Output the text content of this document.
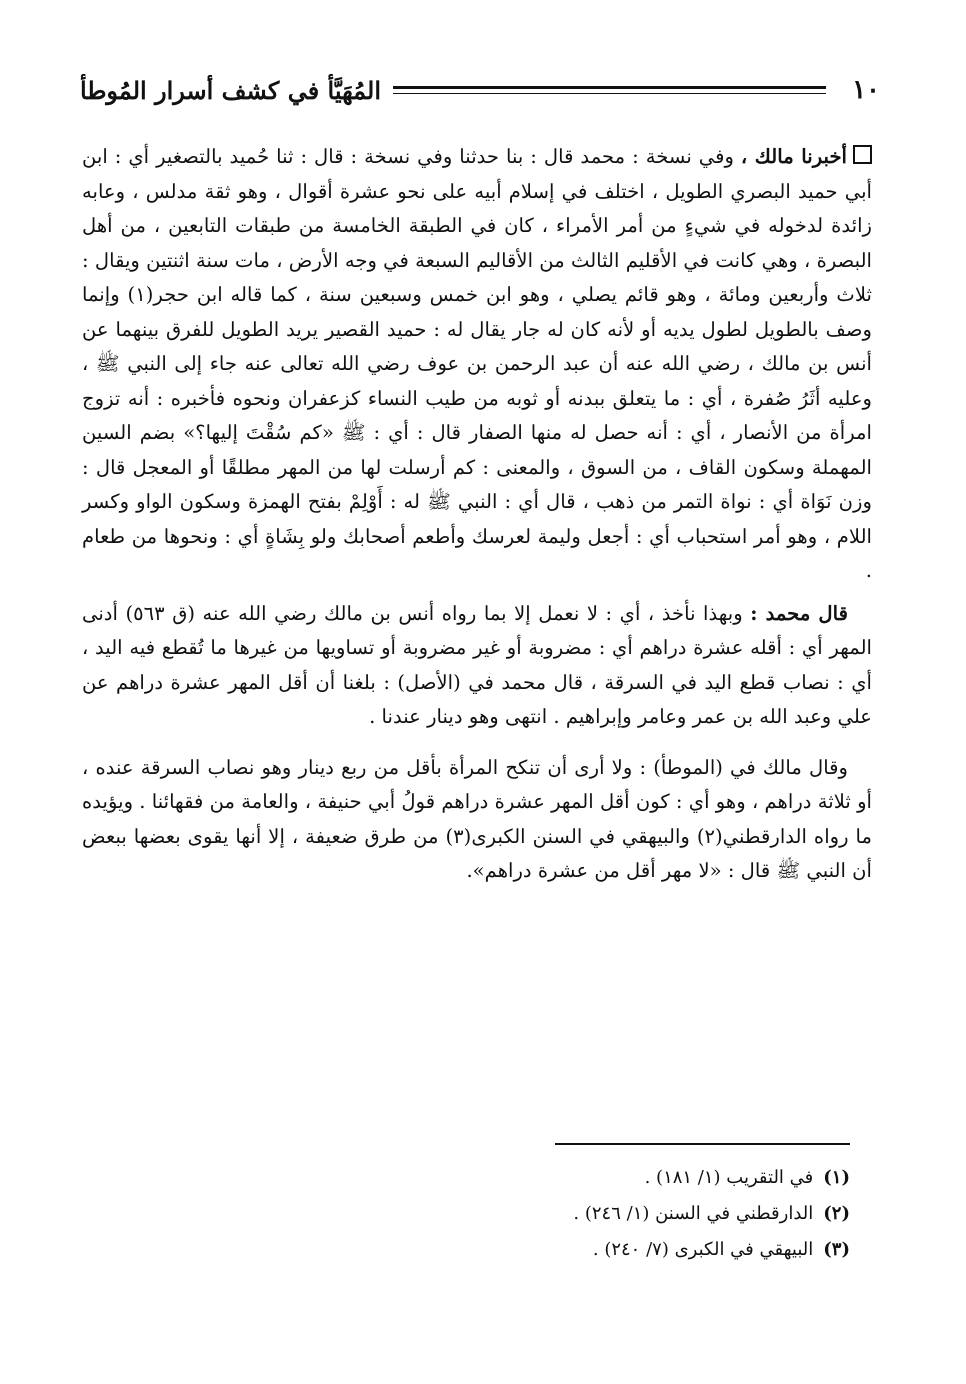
١٠
المُهَيَّأ في كشف أسرار المُوطأ

أخبرنا مالك ، وفي نسخة : محمد قال : بنا حدثنا وفي نسخة : قال : ثنا حُميد بالتصغير أي : ابن أبي حميد البصري الطويل ، اختلف في إسلام أبيه على نحو عشرة أقوال ، وهو ثقة مدلس ، وعابه زائدة لدخوله في شيءٍ من أمر الأمراء ، كان في الطبقة الخامسة من طبقات التابعين ، من أهل البصرة ، وهي كانت في الأقليم الثالث من الأقاليم السبعة في وجه الأرض ، مات سنة اثنتين ويقال : ثلاث وأربعين ومائة ، وهو قائم يصلي ، وهو ابن خمس وسبعين سنة ، كما قاله ابن حجر(١) وإنما وصف بالطويل لطول يديه أو لأنه كان له جار يقال له : حميد القصير يريد الطويل للفرق بينهما عن أنس بن مالك ، رضي الله عنه أن عبد الرحمن بن عوف رضي الله تعالى عنه جاء إلى النبي ﷺ ، وعليه أثَرُ صُفرة ، أي : ما يتعلق ببدنه أو ثوبه من طيب النساء كزعفران ونحوه فأخبره : أنه تزوج امرأة من الأنصار ، أي : أنه حصل له منها الصفار قال : أي : ﷺ «كم سُقْتَ إليها؟» بضم السين المهملة وسكون القاف ، من السوق ، والمعنى : كم أرسلت لها من المهر مطلقًا أو المعجل قال : وزن نَوَاة أي : نواة التمر من ذهب ، قال أي : النبي ﷺ له : أَوْلِمْ بفتح الهمزة وسكون الواو وكسر اللام ، وهو أمر استحباب أي : أجعل وليمة لعرسك وأطعم أصحابك ولو بِشَاةٍ أي : ونحوها من طعام .

قال محمد : وبهذا نأخذ ، أي : لا نعمل إلا بما رواه أنس بن مالك رضي الله عنه (ق ٥٦٣) أدنى المهر أي : أقله عشرة دراهم أي : مضروبة أو غير مضروبة أو تساويها من غيرها ما تُقطع فيه اليد ، أي : نصاب قطع اليد في السرقة ، قال محمد في (الأصل) : بلغنا أن أقل المهر عشرة دراهم عن علي وعبد الله بن عمر وعامر وإبراهيم . انتهى وهو دينار عندنا .

وقال مالك في (الموطأ) : ولا أرى أن تنكح المرأة بأقل من ربع دينار وهو نصاب السرقة عنده ، أو ثلاثة دراهم ، وهو أي : كون أقل المهر عشرة دراهم قولُ أبي حنيفة ، والعامة من فقهائنا . ويؤيده ما رواه الدارقطني(٢) والبيهقي في السنن الكبرى(٣) من طرق ضعيفة ، إلا أنها يقوى بعضها ببعض أن النبي ﷺ قال : «لا مهر أقل من عشرة دراهم».

(١)في التقريب (١/ ١٨١) .
(٢)الدارقطني في السنن (١/ ٢٤٦) .
(٣)البيهقي في الكبرى (٧/ ٢٤٠) .
